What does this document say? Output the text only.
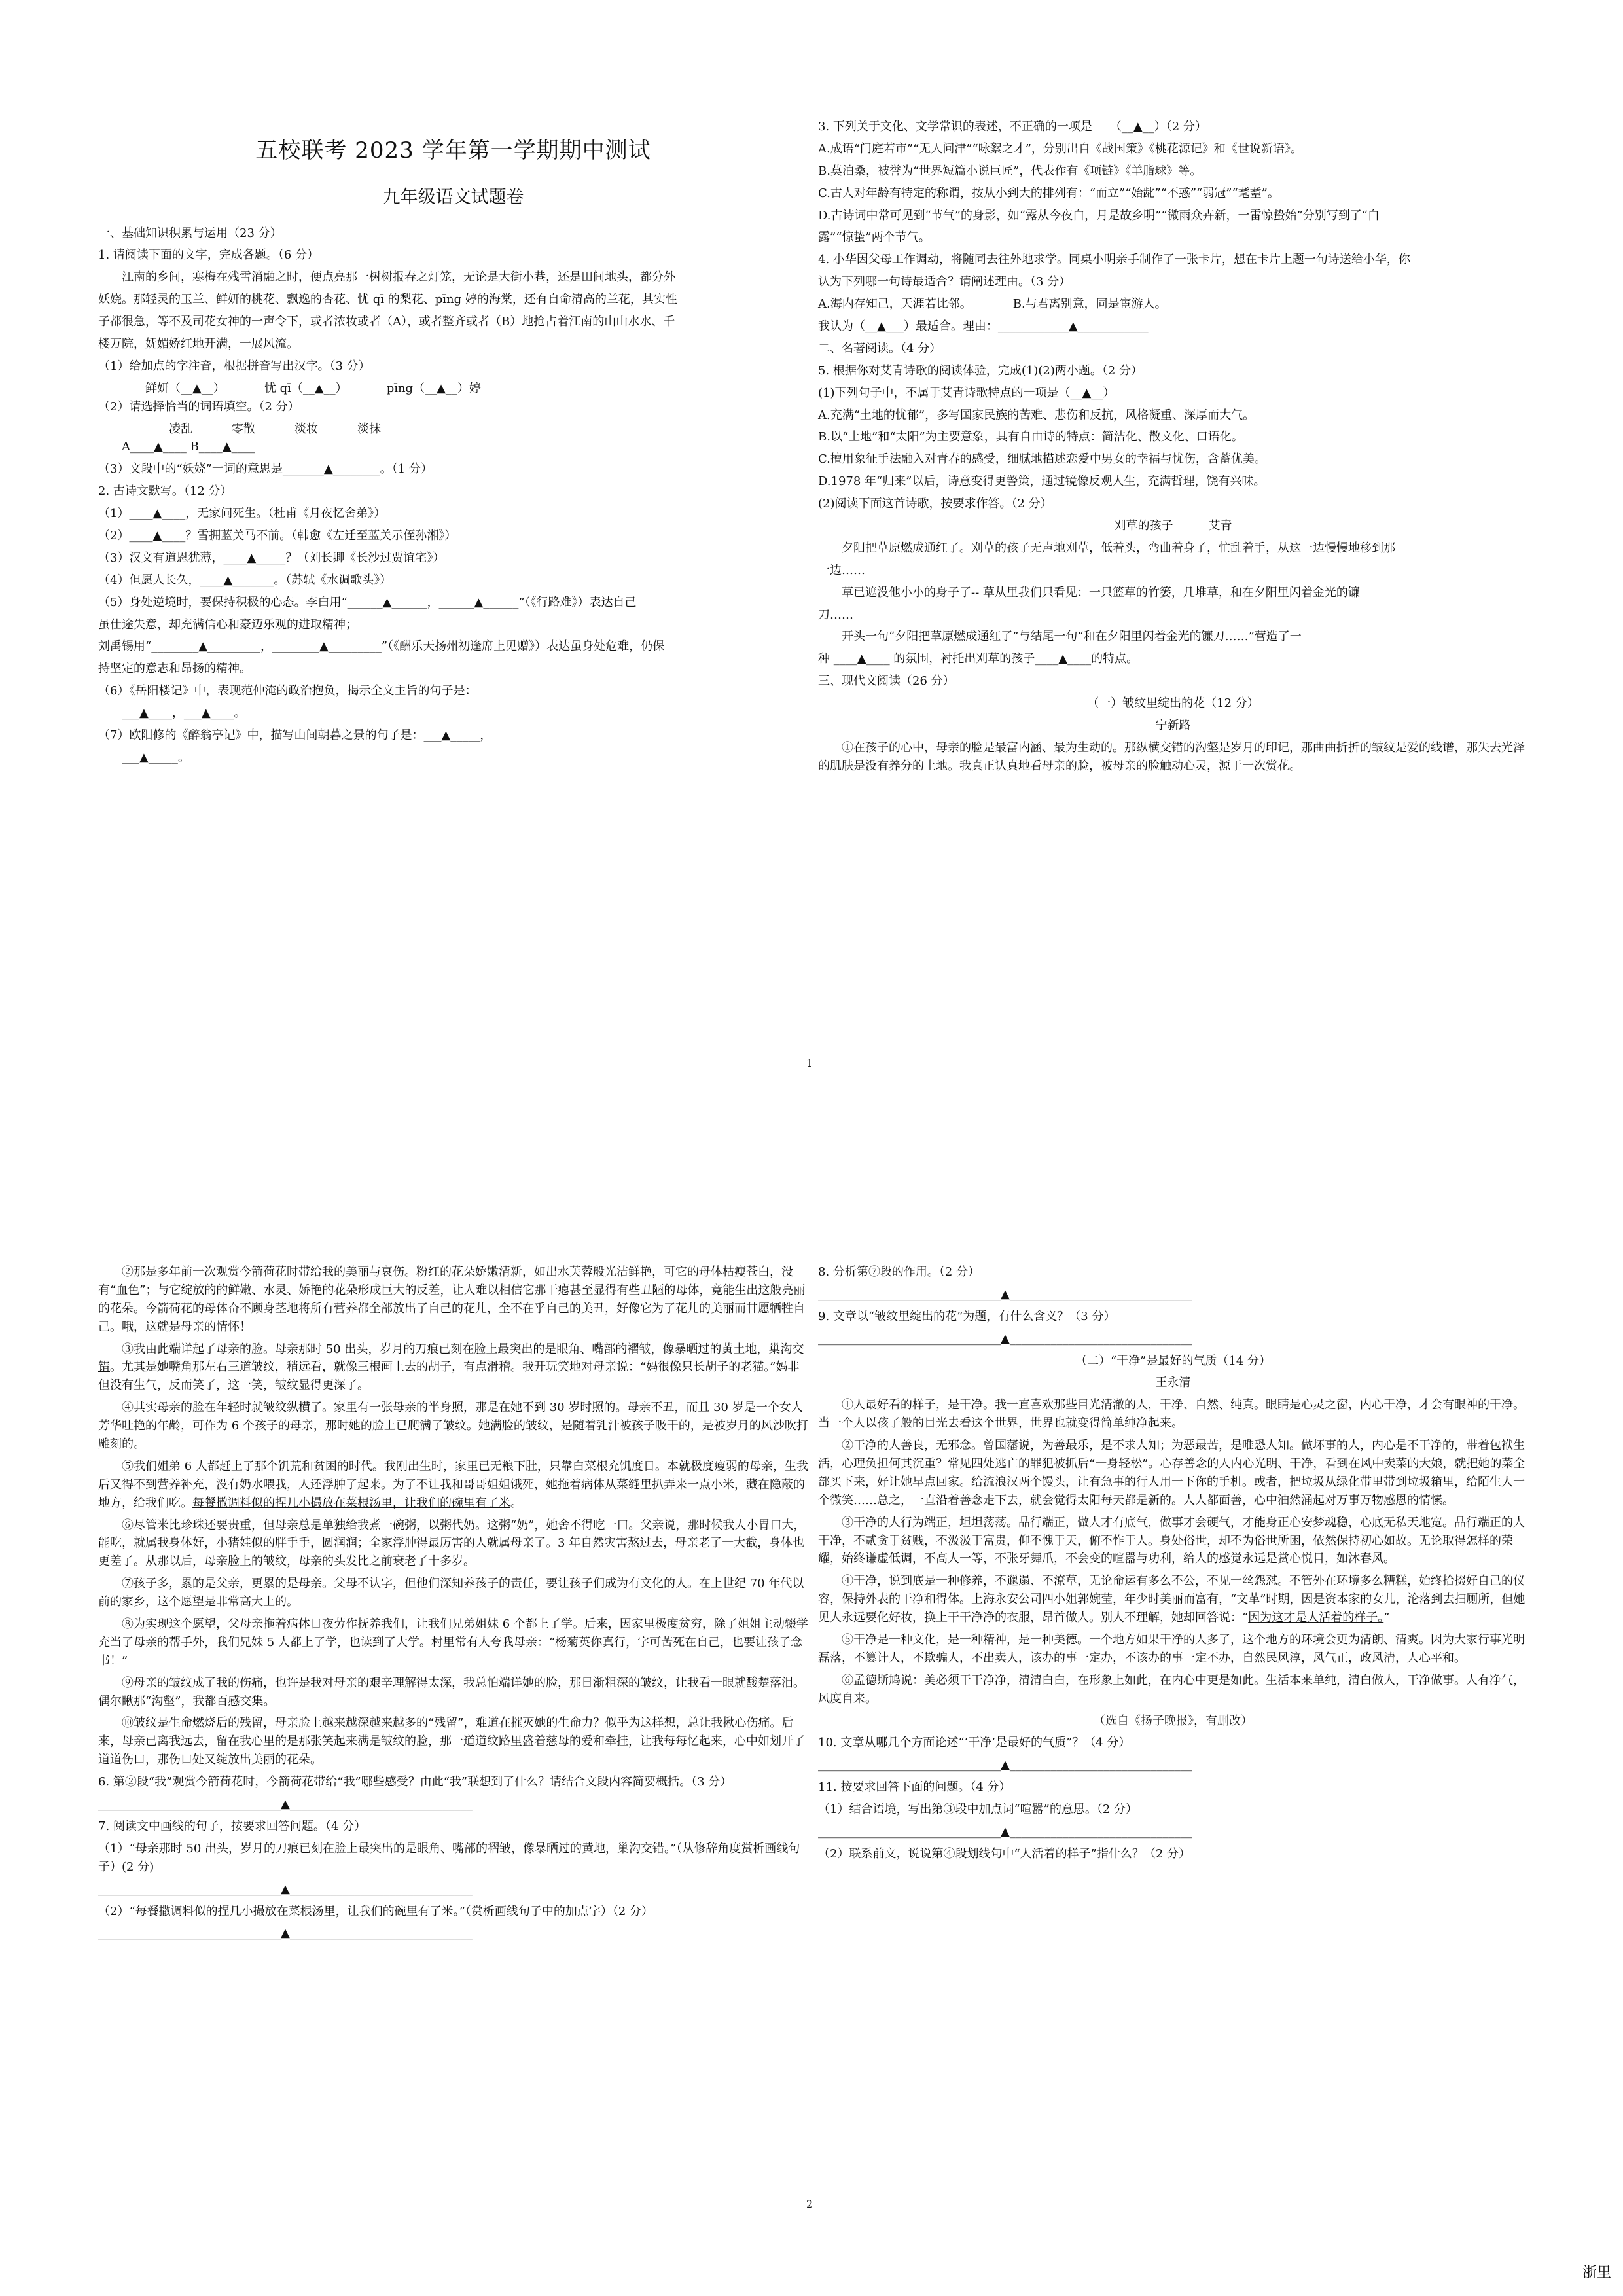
五校联考 2023 学年第一学期期中测试
九年级语文试题卷

一、基础知识积累与运用（23 分）

1. 请阅读下面的文字，完成各题。（6 分）

江南的乡间，寒梅在残雪消融之时，便点亮那一树树报春之灯笼，无论是大街小巷，还是田间地头，都分外

妖娆。那轻灵的玉兰、鲜妍的桃花、飘逸的杏花、忧 qī 的梨花、pīng 婷的海棠，还有自命清高的兰花，其实性

子都很急，等不及司花女神的一声令下，或者浓妆或者（A），或者整齐或者（B）地抢占着江南的山山水水、千

楼万院，妩媚娇红地开满，一展风流。

（1）给加点的字注音，根据拼音写出汉字。（3 分）

鲜妍（__▲__）	忧 qī（__▲__）	pīng（__▲__）婷

（2）请选择恰当的词语填空。（2 分）

凌乱	零散	淡妆	淡抹

A____▲____ B____▲____

（3）文段中的“妖娆”一词的意思是_______▲________。（1 分）

2. 古诗文默写。（12 分）

（1）____▲____，无家问死生。（杜甫《月夜忆舍弟》）

（2）____▲____？雪拥蓝关马不前。（韩愈《左迁至蓝关示侄孙湘》）

（3）汉文有道恩犹薄，____▲_____？（刘长卿《长沙过贾谊宅》）

（4）但愿人长久，____▲_______。（苏轼《水调歌头》）

（5）身处逆境时，要保持积极的心态。李白用“______▲______，______▲______”（《行路难》）表达自己

虽仕途失意，却充满信心和豪迈乐观的进取精神；

刘禹锡用“________▲_________，________▲_________”（《酬乐天扬州初逢席上见赠》）表达虽身处危难，仍保

持坚定的意志和昂扬的精神。

（6）《岳阳楼记》中，表现范仲淹的政治抱负，揭示全文主旨的句子是：

___▲____，___▲____。

（7）欧阳修的《醉翁亭记》中，描写山间朝暮之景的句子是：___▲_____，

___▲_____。

3. 下列关于文化、文学常识的表述，不正确的一项是　　（__▲__）（2 分）

A.成语“门庭若市”“无人问津”“咏絮之才”，分别出自《战国策》《桃花源记》和《世说新语》。

B.莫泊桑，被誉为“世界短篇小说巨匠”，代表作有《项链》《羊脂球》等。

C.古人对年龄有特定的称谓，按从小到大的排列有：“而立”“始龀”“不惑”“弱冠”“耄耋”。

D.古诗词中常可见到“节气”的身影，如“露从今夜白，月是故乡明”“微雨众卉新，一雷惊蛰始”分别写到了“白

露”“惊蛰”两个节气。

4. 小华因父母工作调动，将随同去往外地求学。同桌小明亲手制作了一张卡片，想在卡片上题一句诗送给小华，你

认为下列哪一句诗最适合？请阐述理由。（3 分）

A.海内存知己，天涯若比邻。　　　　B.与君离别意，同是宦游人。

我认为（__▲___）最适合。理由：____________▲____________

二、名著阅读。（4 分）

5. 根据你对艾青诗歌的阅读体验，完成(1)(2)两小题。（2 分）

(1)下列句子中，不属于艾青诗歌特点的一项是（__▲__）

A.充满“土地的忧郁”，多写国家民族的苦难、悲伤和反抗，风格凝重、深厚而大气。

B.以“土地”和“太阳”为主要意象，具有自由诗的特点：简洁化、散文化、口语化。

C.擅用象征手法融入对青春的感受，细腻地描述恋爱中男女的幸福与忧伤，含蓄优美。

D.1978 年“归来”以后，诗意变得更警策，通过镜像反观人生，充满哲理，饶有兴味。

(2)阅读下面这首诗歌，按要求作答。（2 分）

刈草的孩子　　　艾青

夕阳把草原燃成通红了。刈草的孩子无声地刈草，低着头，弯曲着身子，忙乱着手，从这一边慢慢地移到那

一边……

草已遮没他小小的身子了-- 草从里我们只看见：一只篮草的竹篓，几堆草，和在夕阳里闪着金光的镰

刀……

开头一句“夕阳把草原燃成通红了”与结尾一句“和在夕阳里闪着金光的镰刀……”营造了一

种 ____▲____ 的氛围，衬托出刈草的孩子____▲____的特点。

三、现代文阅读（26 分）

（一）皱纹里绽出的花（12 分）

宁新路

①在孩子的心中，母亲的脸是最富内涵、最为生动的。那纵横交错的沟壑是岁月的印记，那曲曲折折的皱纹是爱的线谱，那失去光泽的肌肤是没有养分的土地。我真正认真地看母亲的脸，被母亲的脸触动心灵，源于一次赏花。

1

②那是多年前一次观赏今箭荷花时带给我的美丽与哀伤。粉红的花朵娇嫩清新，如出水芙蓉般光洁鲜艳，可它的母体枯瘦苍白，没有“血色”；与它绽放的的鲜嫩、水灵、娇艳的花朵形成巨大的反差，让人难以相信它那干瘪甚至显得有些丑陋的母体，竟能生出这般亮丽的花朵。今箭荷花的母体奋不顾身茎地将所有营养都全部放出了自己的花儿，全不在乎自己的美丑，好像它为了花儿的美丽而甘愿牺牲自己。哦，这就是母亲的情怀！

③我由此端详起了母亲的脸。母亲那时 50 出头，岁月的刀痕已刻在脸上最突出的是眼角、嘴部的褶皱，像暴晒过的黄土地，巢沟交错。尤其是她嘴角那左右三道皱纹，稍远看，就像三根画上去的胡子，有点滑稽。我开玩笑地对母亲说：“妈很像只长胡子的老猫。”妈非但没有生气，反而笑了，这一笑，皱纹显得更深了。

④其实母亲的脸在年轻时就皱纹纵横了。家里有一张母亲的半身照，那是在她不到 30 岁时照的。母亲不丑，而且 30 岁是一个女人芳华吐艳的年龄，可作为 6 个孩子的母亲，那时她的脸上已爬满了皱纹。她满脸的皱纹，是随着乳汁被孩子吸干的，是被岁月的风沙吹打雕刻的。

⑤我们姐弟 6 人都赶上了那个饥荒和贫困的时代。我刚出生时，家里已无粮下肚，只靠白菜根充饥度日。本就极度瘦弱的母亲，生我后又得不到营养补充，没有奶水喂我，人还浮肿了起来。为了不让我和哥哥姐姐饿死，她拖着病体从菜缝里扒弄来一点小米，藏在隐蔽的地方，给我们吃。每餐撒调料似的捏几小撮放在菜根汤里，让我们的碗里有了米。

⑥尽管米比珍珠还要贵重，但母亲总是单独给我煮一碗粥，以粥代奶。这粥“奶”，她舍不得吃一口。父亲说，那时候我人小胃口大，能吃，就属我身体好，小猪娃似的胖手手，圆润润；全家浮肿得最厉害的人就属母亲了。3 年自然灾害熬过去，母亲老了一大截，身体也更差了。从那以后，母亲脸上的皱纹，母亲的头发比之前衰老了十多岁。

⑦孩子多，累的是父亲，更累的是母亲。父母不认字，但他们深知养孩子的责任，要让孩子们成为有文化的人。在上世纪 70 年代以前的家乡，这个愿望是非常高大上的。

⑧为实现这个愿望，父母亲拖着病体日夜劳作抚养我们，让我们兄弟姐妹 6 个都上了学。后来，因家里极度贫穷，除了姐姐主动辍学充当了母亲的帮手外，我们兄妹 5 人都上了学，也读到了大学。村里常有人夸我母亲：“杨菊英你真行，字可苦死在自己，也要让孩子念书！”

⑨母亲的皱纹成了我的伤痛，也许是我对母亲的艰辛理解得太深，我总怕端详她的脸，那日渐粗深的皱纹，让我看一眼就酸楚落泪。偶尔瞅那“沟壑”，我都百感交集。

⑩皱纹是生命燃烧后的残留，母亲脸上越来越深越来越多的“残留”，难道在摧灭她的生命力？似乎为这样想，总让我揪心伤痛。后来，母亲已离我远去，留在我心里的是那张笑起来满是皱纹的脸，那一道道纹路里盛着慈母的爱和牵挂，让我每每忆起来，心中如划开了道道伤口，那伤口处又绽放出美丽的花朵。

6. 第②段“我”观赏今箭荷花时，今箭荷花带给“我”哪些感受？由此“我”联想到了什么？请结合文段内容简要概括。（3 分）

_______________________________▲_______________________________

7. 阅读文中画线的句子，按要求回答问题。（4 分）

（1）“母亲那时 50 出头，岁月的刀痕已刻在脸上最突出的是眼角、嘴部的褶皱，像暴晒过的黄地，巢沟交错。”（从修辞角度赏析画线句子）(2 分)

_______________________________▲_______________________________

（2）“每餐撒调料似的捏几小撮放在菜根汤里，让我们的碗里有了米。”（赏析画线句子中的加点字）（2 分）

_______________________________▲_______________________________

8. 分析第⑦段的作用。（2 分）

_______________________________▲_______________________________

9. 文章以“皱纹里绽出的花”为题，有什么含义？（3 分）

_______________________________▲_______________________________

（二）“干净”是最好的气质（14 分）

王永清

①人最好看的样子，是干净。我一直喜欢那些目光清澈的人，干净、自然、纯真。眼睛是心灵之窗，内心干净，才会有眼神的干净。当一个人以孩子般的目光去看这个世界，世界也就变得简单纯净起来。

②干净的人善良，无邪念。曾国藩说，为善最乐，是不求人知；为恶最苦，是唯恐人知。做坏事的人，内心是不干净的，带着包袱生活，心理负担何其沉重？常见四处逃亡的罪犯被抓后“一身轻松”。心存善念的人内心光明、干净，看到在风中卖菜的大娘，就把她的菜全部买下来，好让她早点回家。给流浪汉两个馒头，让有急事的行人用一下你的手机。或者，把垃圾从绿化带里带到垃圾箱里，给陌生人一个微笑……总之，一直沿着善念走下去，就会觉得太阳每天都是新的。人人都面善，心中油然涌起对万事万物感恩的情愫。

③干净的人行为端正，坦坦荡荡。品行端正，做人才有底气，做事才会硬气，才能身正心安梦魂稳，心底无私天地宽。品行端正的人干净，不贰贪于贫贱，不汲汲于富贵，仰不愧于天，俯不怍于人。身处俗世，却不为俗世所困，依然保持初心如故。无论取得怎样的荣耀，始终谦虚低调，不高人一等，不张牙舞爪，不会变的喧嚣与功利，给人的感觉永远是赏心悦目，如沐春风。

④干净，说到底是一种修养，不邋遢、不潦草，无论命运有多么不公，不见一丝怨怼。不管外在环境多么糟糕，始终拾掇好自己的仪容，保持外表的干净和得体。上海永安公司四小姐郭婉莹，年少时美丽而富有，“文革”时期，因是资本家的女儿，沦落到去扫厕所，但她见人永远要化好妆，换上干干净净的衣服，昂首做人。别人不理解，她却回答说：“因为这才是人活着的样子。”

⑤干净是一种文化，是一种精神，是一种美德。一个地方如果干净的人多了，这个地方的环境会更为清朗、清爽。因为大家行事光明磊落，不篡计人，不欺骗人，不出卖人，该办的事一定办，不该办的事一定不办，自然民风淳，风气正，政风清，人心平和。

⑥孟德斯鸠说：美必须干干净净，清清白白，在形象上如此，在内心中更是如此。生活本来单纯，清白做人，干净做事。人有净气，风度自来。

（选自《扬子晚报》，有删改）

10. 文章从哪几个方面论述“‘干净’是最好的气质”？（4 分）

_______________________________▲_______________________________

11. 按要求回答下面的问题。（4 分）

（1）结合语境，写出第③段中加点词“喧嚣”的意思。（2 分）

_______________________________▲_______________________________

（2）联系前文，说说第④段划线句中“人活着的样子”指什么？（2 分）

2
浙里
